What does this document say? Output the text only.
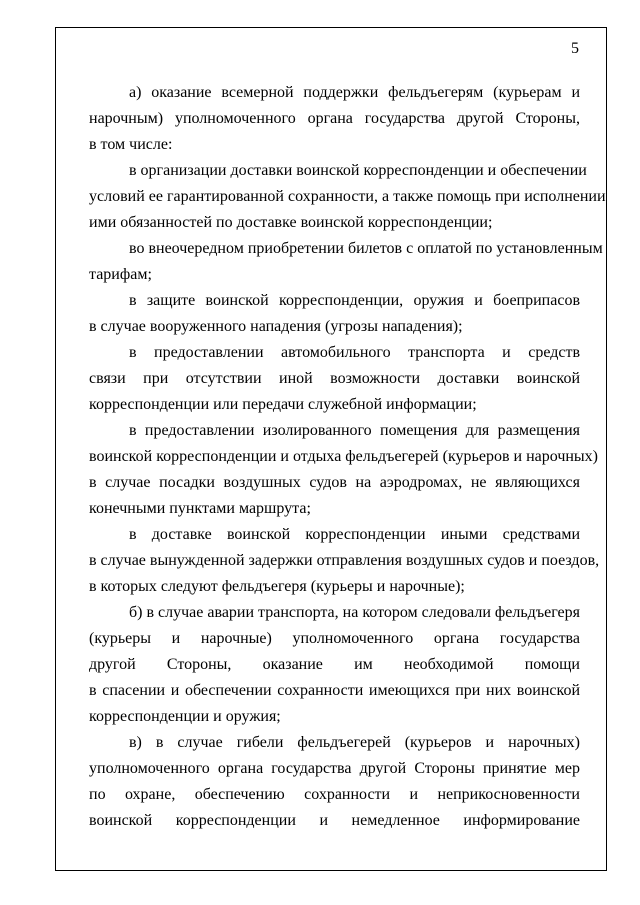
5
а) оказание всемерной поддержки фельдъегерям (курьерам и
нарочным) уполномоченного органа государства другой Стороны,
в том числе:
в организации доставки воинской корреспонденции и обеспечении
условий ее гарантированной сохранности, а также помощь при исполнении
ими обязанностей по доставке воинской корреспонденции;
во внеочередном приобретении билетов с оплатой по установленным
тарифам;
в защите воинской корреспонденции, оружия и боеприпасов
в случае вооруженного нападения (угрозы нападения);
в предоставлении автомобильного транспорта и средств
связи при отсутствии иной возможности доставки воинской
корреспонденции или передачи служебной информации;
в предоставлении изолированного помещения для размещения
воинской корреспонденции и отдыха фельдъегерей (курьеров и нарочных)
в случае посадки воздушных судов на аэродромах, не являющихся
конечными пунктами маршрута;
в доставке воинской корреспонденции иными средствами
в случае вынужденной задержки отправления воздушных судов и поездов,
в которых следуют фельдъегеря (курьеры и нарочные);
б) в случае аварии транспорта, на котором следовали фельдъегеря
(курьеры и нарочные) уполномоченного органа государства
другой Стороны, оказание им необходимой помощи
в спасении и обеспечении сохранности имеющихся при них воинской
корреспонденции и оружия;
в) в случае гибели фельдъегерей (курьеров и нарочных)
уполномоченного органа государства другой Стороны принятие мер
по охране, обеспечению сохранности и неприкосновенности
воинской корреспонденции и немедленное информирование
